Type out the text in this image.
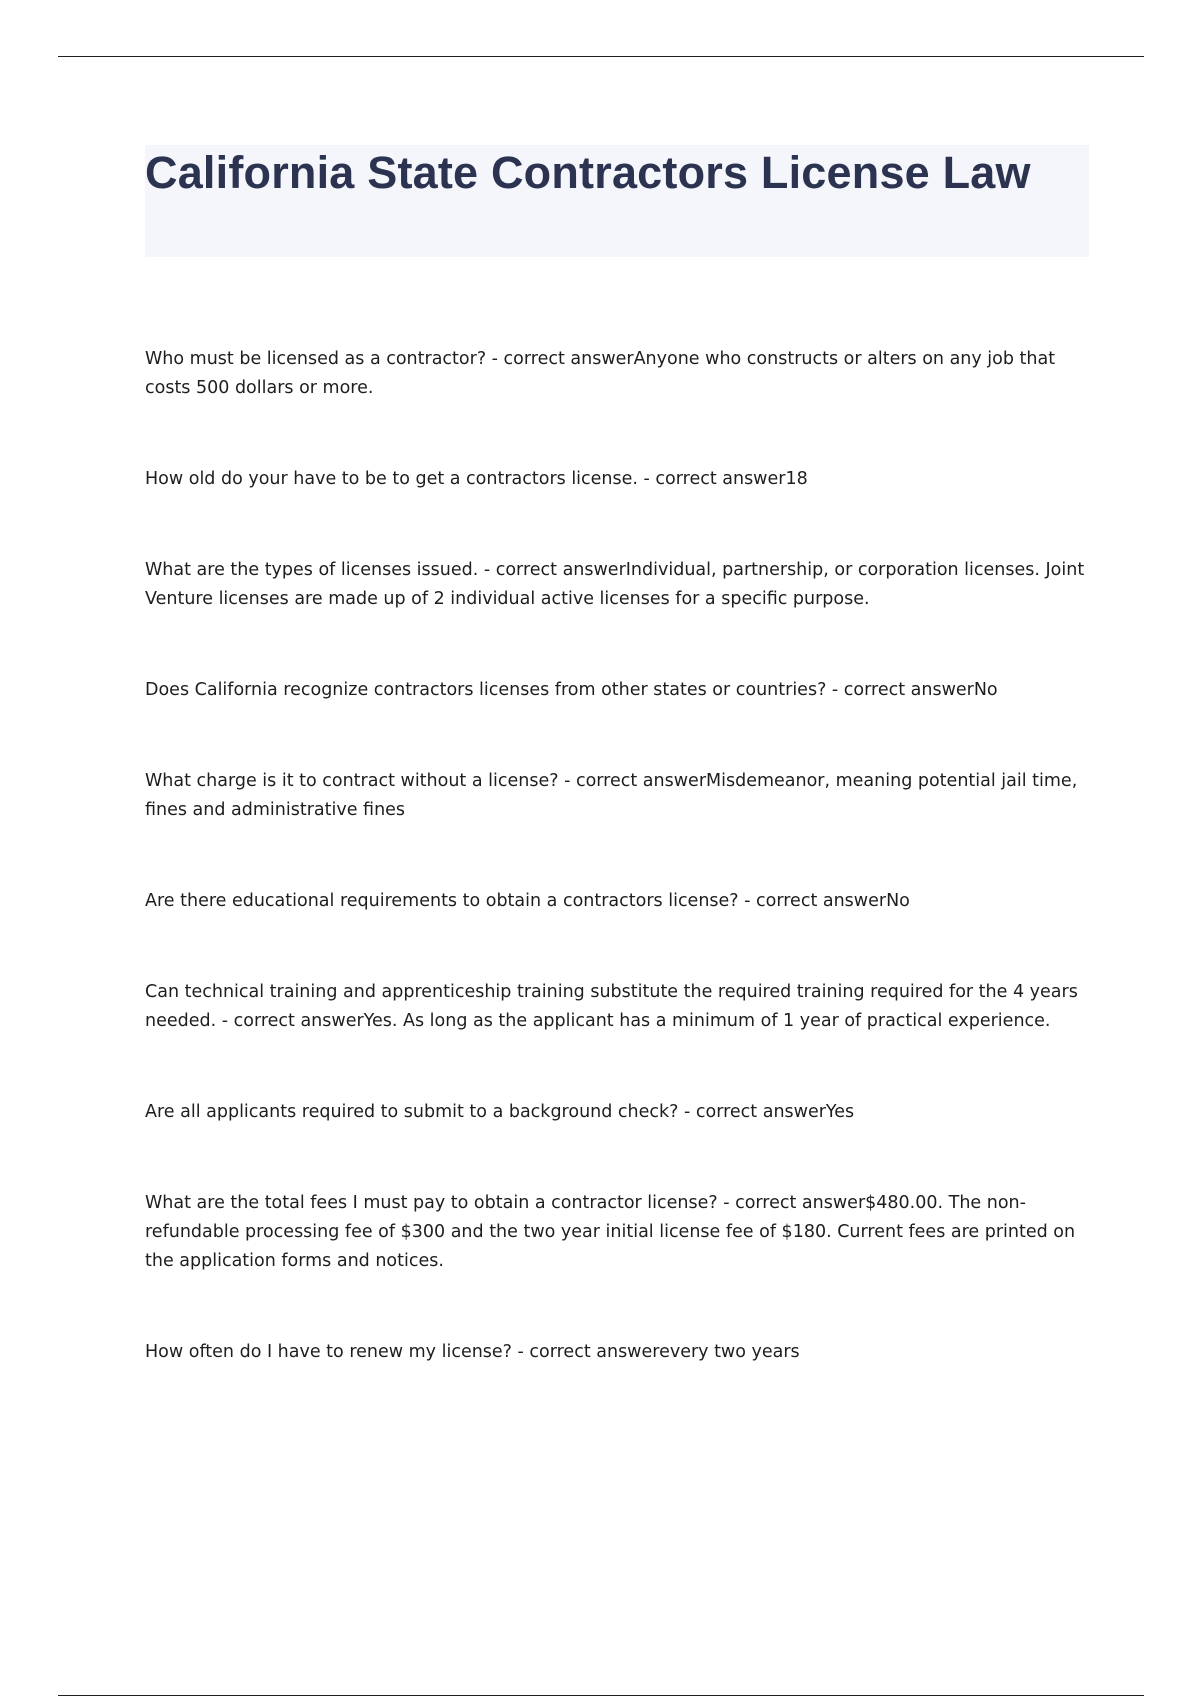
California State Contractors License Law

Who must be licensed as a contractor? - correct answerAnyone who constructs or alters on any job that costs 500 dollars or more.

How old do your have to be to get a contractors license. - correct answer18

What are the types of licenses issued. - correct answerIndividual, partnership, or corporation licenses. Joint Venture licenses are made up of 2 individual active licenses for a specific purpose.

Does California recognize contractors licenses from other states or countries? - correct answerNo

What charge is it to contract without a license? - correct answerMisdemeanor, meaning potential jail time, fines and administrative fines

Are there educational requirements to obtain a contractors license? - correct answerNo

Can technical training and apprenticeship training substitute the required training required for the 4 years needed. - correct answerYes. As long as the applicant has a minimum of 1 year of practical experience.

Are all applicants required to submit to a background check? - correct answerYes

What are the total fees I must pay to obtain a contractor license? - correct answer$480.00. The non-refundable processing fee of $300 and the two year initial license fee of $180. Current fees are printed on the application forms and notices.

How often do I have to renew my license? - correct answerevery two years
